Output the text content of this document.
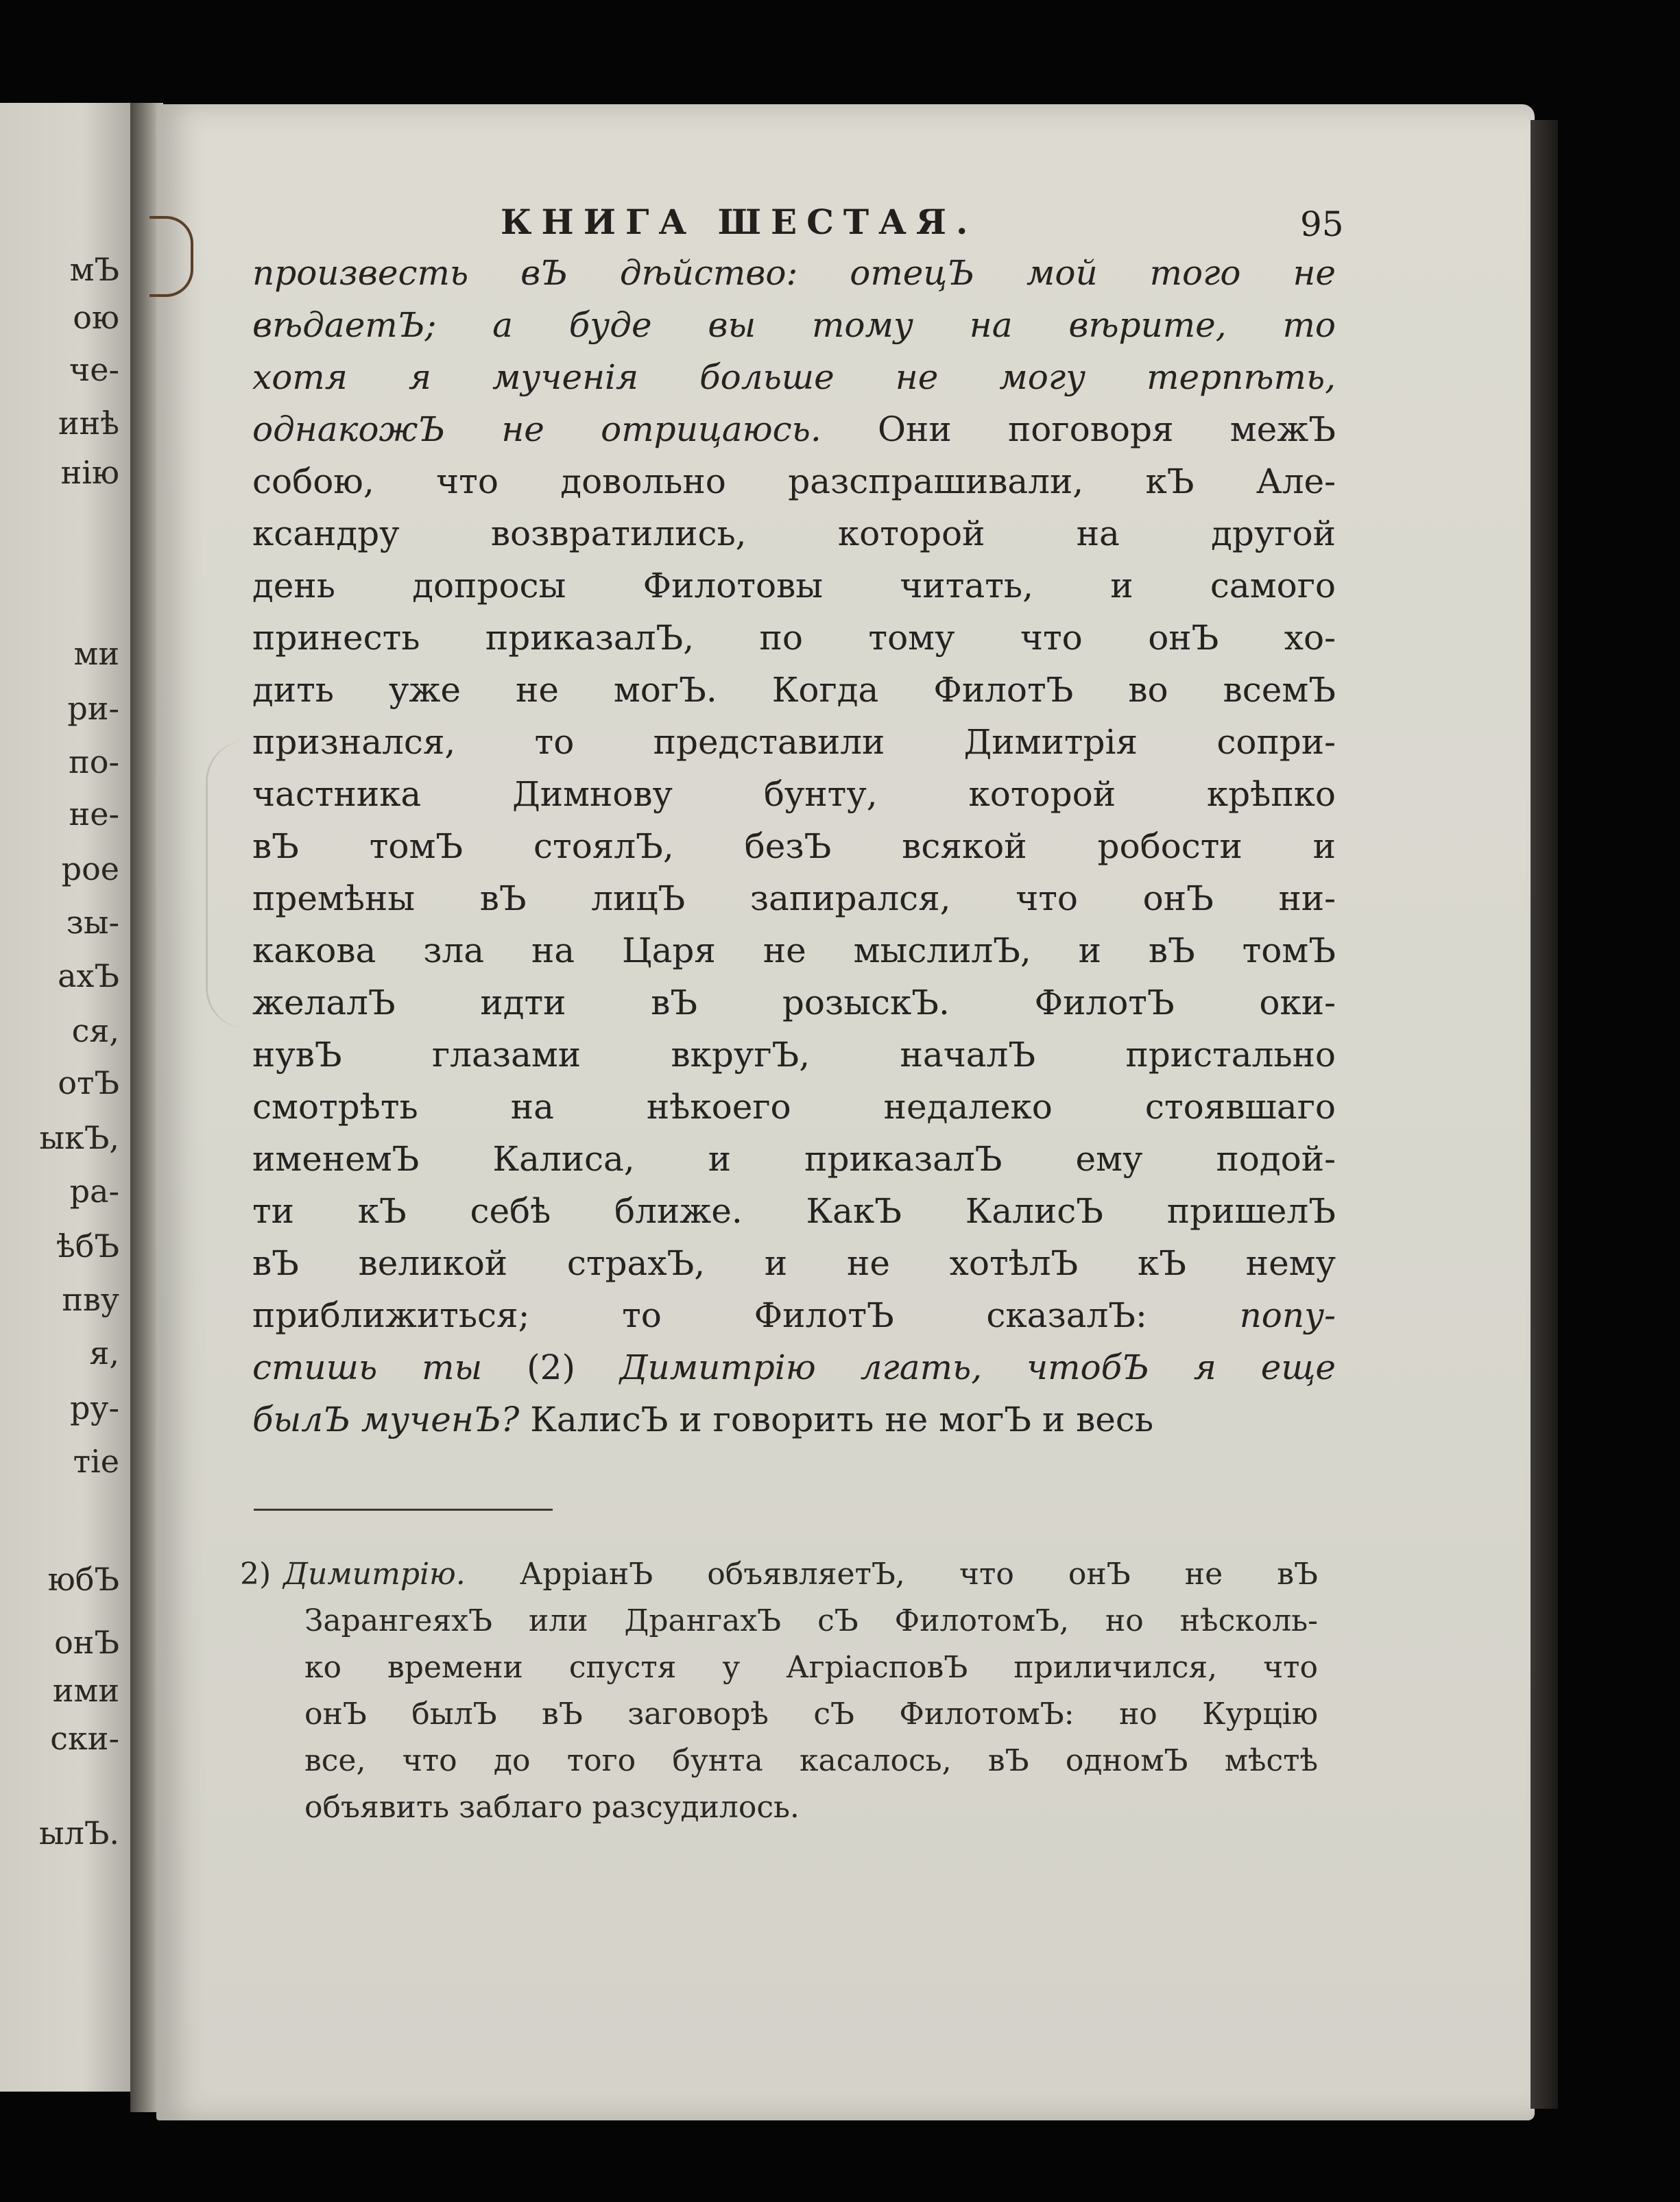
мЪ
ою
че-
инѣ
нію
ми
ри-
по-
не-
рое
зы-
ахЪ
ся,
отЪ
ыкЪ,
ра-
ѣбЪ
пву
я,
ру-
тіе
юбЪ
онЪ
ими
ски-
ылЪ.
КНИГА ШЕСТАЯ.	95
произвесть вЪ дѣйство: отецЪ мой того не
вѣдаетЪ; а буде вы тому на вѣрите, то
хотя я мученія больше не могу терпѣть,
однакожЪ не отрицаюсь. Они поговоря межЪ
собою, что довольно разспрашивали, кЪ Але-
ксандру возвратились, которой на другой
день допросы Филотовы читать, и самого
принесть приказалЪ, по тому что онЪ хо-
дить уже не могЪ. Когда ФилотЪ во всемЪ
признался, то представили Димитрія сопри-
частника Димнову бунту, которой крѣпко
вЪ томЪ стоялЪ, безЪ всякой робости и
премѣны вЪ лицЪ запирался, что онЪ ни-
какова зла на Царя не мыслилЪ, и вЪ томЪ
желалЪ идти вЪ розыскЪ. ФилотЪ оки-
нувЪ глазами вкругЪ, началЪ пристально
смотрѣть на нѣкоего недалеко стоявшаго
именемЪ Калиса, и приказалЪ ему подой-
ти кЪ себѣ ближе. КакЪ КалисЪ пришелЪ
вЪ великой страхЪ, и не хотѣлЪ кЪ нему
приближиться; то ФилотЪ сказалЪ: попу-
стишь ты (2) Димитрію лгать, чтобЪ я еще
былЪ мученЪ? КалисЪ и говорить не могЪ и весь
2) Димитрію. АрріанЪ объявляетЪ, что онЪ не вЪ
ЗарангеяхЪ или ДрангахЪ сЪ ФилотомЪ, но нѣсколь-
ко времени спустя у АгріасповЪ приличился, что
онЪ былЪ вЪ заговорѣ сЪ ФилотомЪ: но Курцію
все, что до того бунта касалось, вЪ одномЪ мѣстѣ
объявить заблаго разсудилось.
